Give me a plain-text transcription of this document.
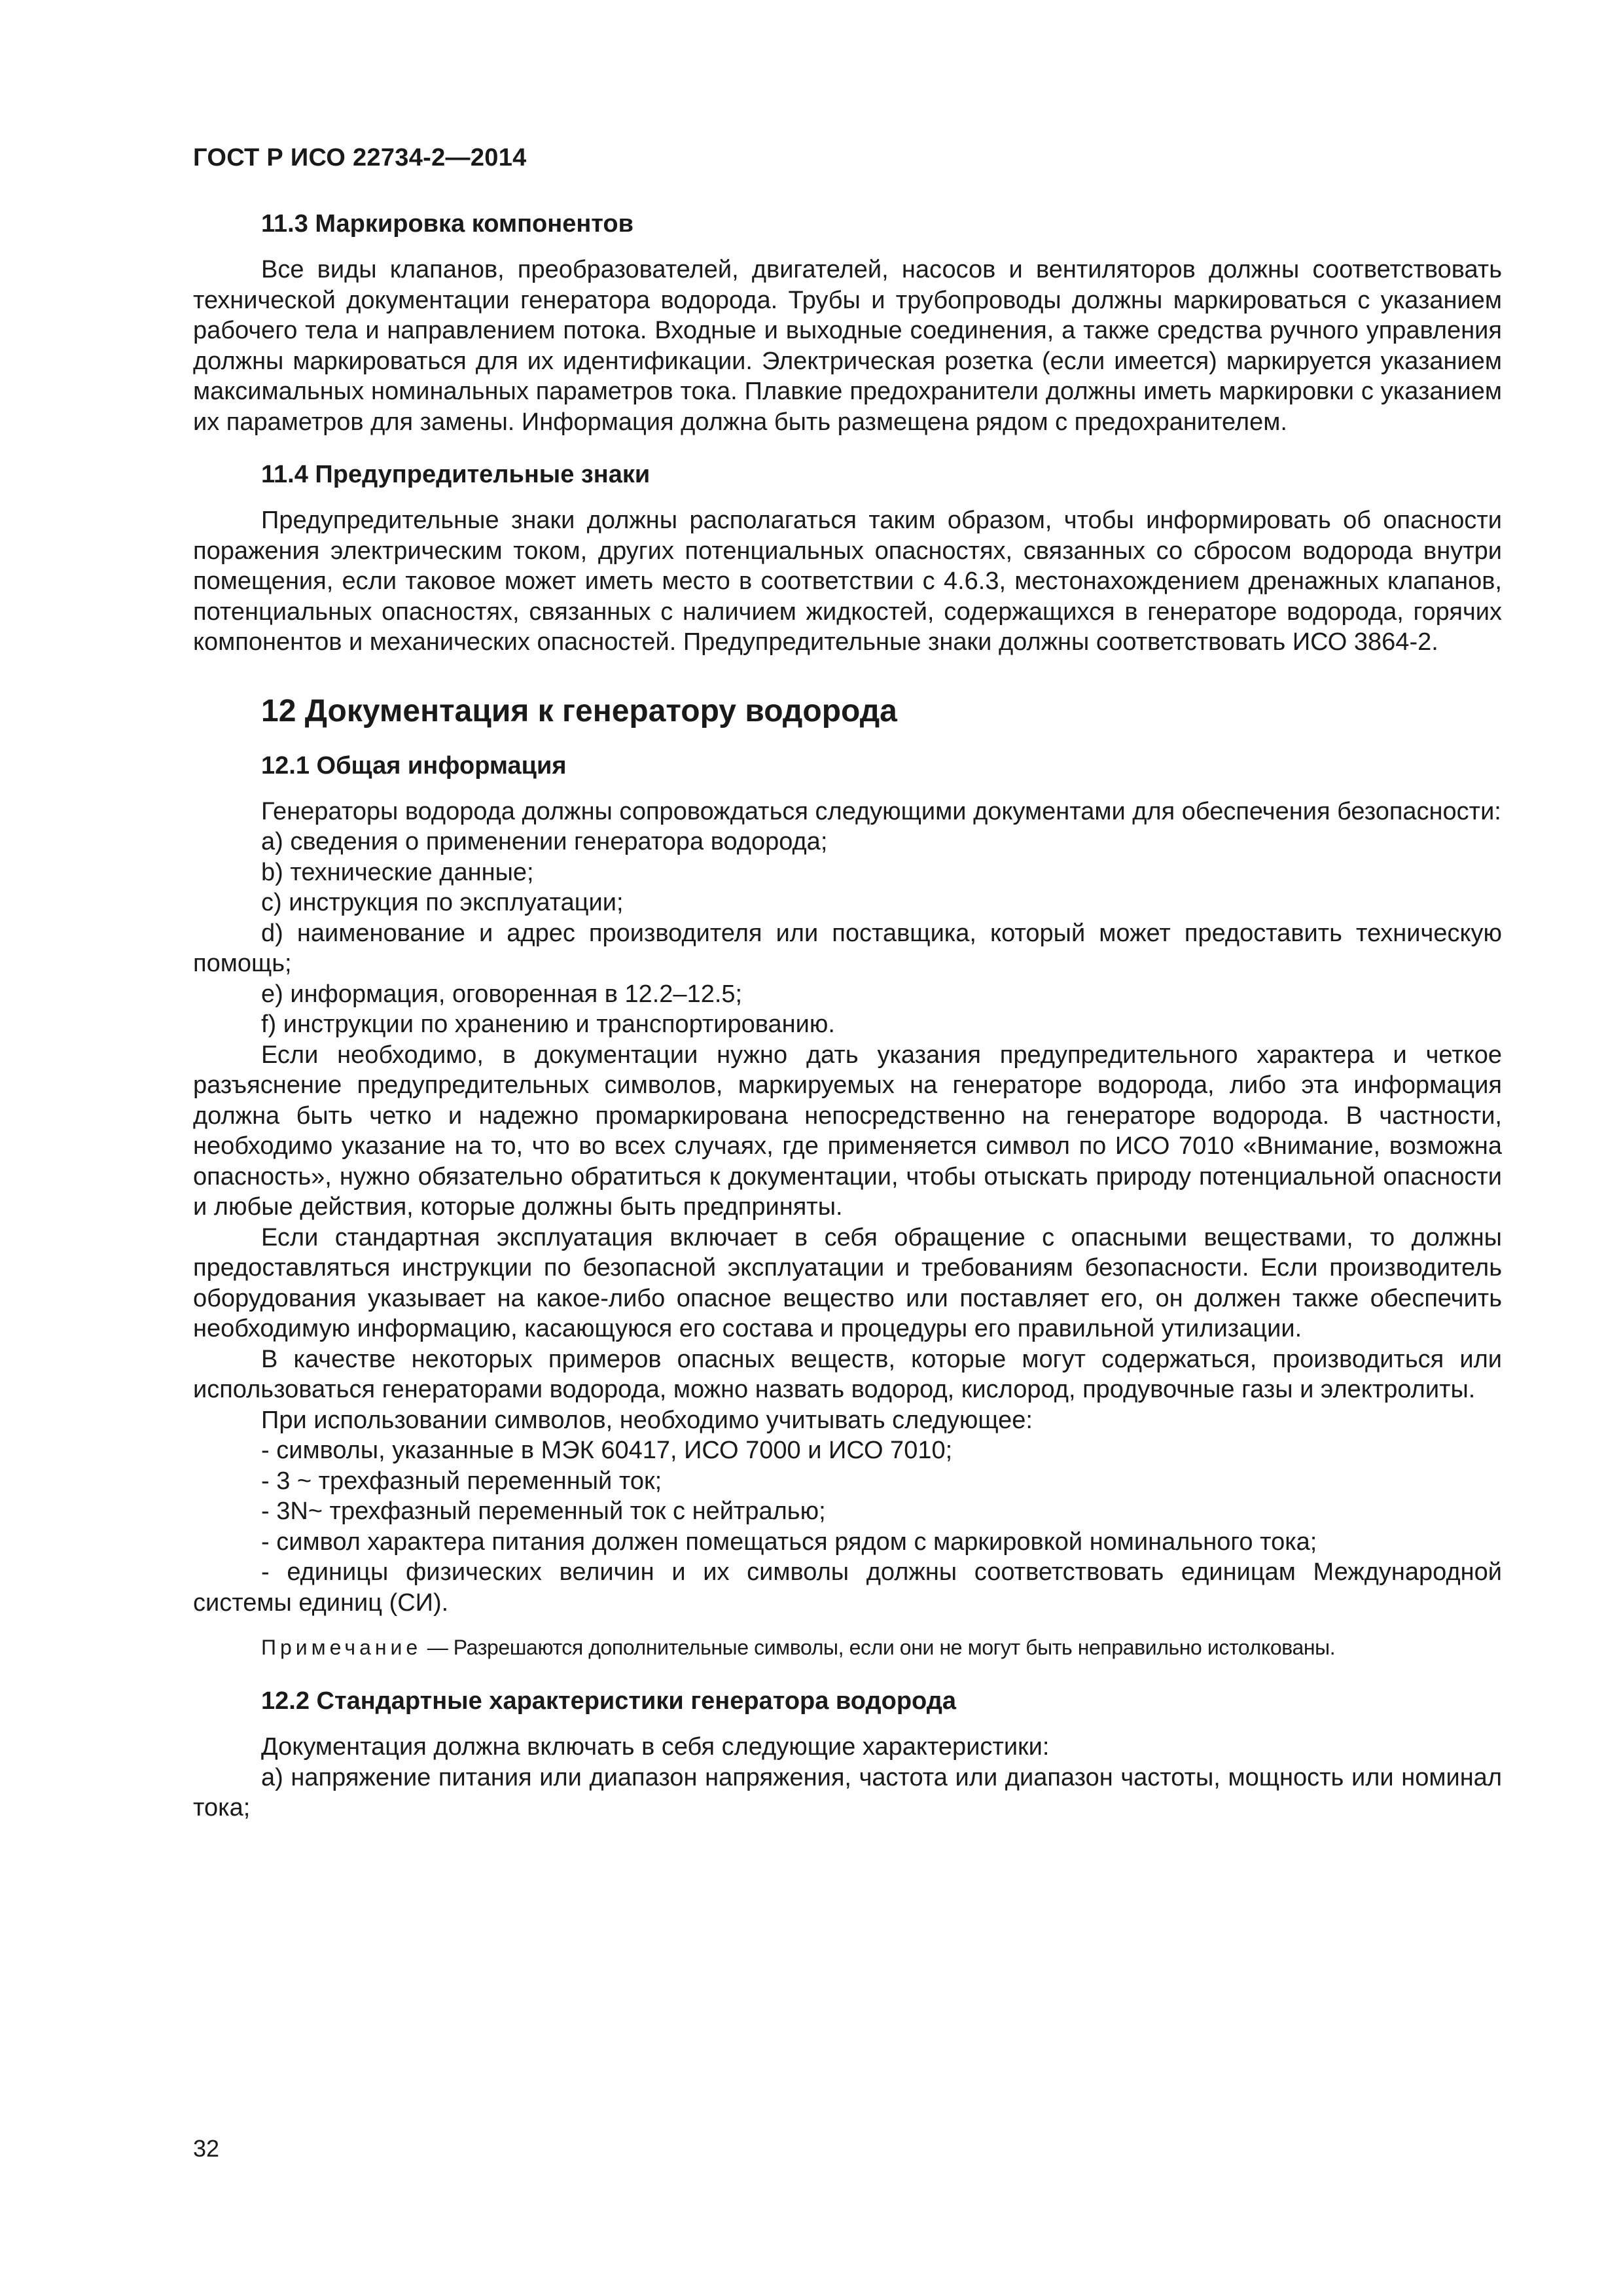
ГОСТ Р ИСО 22734-2—2014
11.3 Маркировка компонентов

Все виды клапанов, преобразователей, двигателей, насосов и вентиляторов должны соответствовать технической документации генератора водорода. Трубы и трубопроводы должны маркироваться с указанием рабочего тела и направлением потока. Входные и выходные соединения, а также средства ручного управления должны маркироваться для их идентификации. Электрическая розетка (если имеется) маркируется указанием максимальных номинальных параметров тока. Плавкие предохранители должны иметь маркировки с указанием их параметров для замены. Информация должна быть размещена рядом с предохранителем.

11.4 Предупредительные знаки

Предупредительные знаки должны располагаться таким образом, чтобы информировать об опасности поражения электрическим током, других потенциальных опасностях, связанных со сбросом водорода внутри помещения, если таковое может иметь место в соответствии с 4.6.3, местонахождением дренажных клапанов, потенциальных опасностях, связанных с наличием жидкостей, содержащихся в генераторе водорода, горячих компонентов и механических опасностей. Предупредительные знаки должны соответствовать ИСО 3864-2.

12 Документация к генератору водорода
12.1 Общая информация

Генераторы водорода должны сопровождаться следующими документами для обеспечения безопасности:

a) сведения о применении генератора водорода;

b) технические данные;

c) инструкция по эксплуатации;

d) наименование и адрес производителя или поставщика, который может предоставить техническую помощь;

e) информация, оговоренная в 12.2–12.5;

f) инструкции по хранению и транспортированию.

Если необходимо, в документации нужно дать указания предупредительного характера и четкое разъяснение предупредительных символов, маркируемых на генераторе водорода, либо эта информация должна быть четко и надежно промаркирована непосредственно на генераторе водорода. В частности, необходимо указание на то, что во всех случаях, где применяется символ по ИСО 7010 «Внимание, возможна опасность», нужно обязательно обратиться к документации, чтобы отыскать природу потенциальной опасности и любые действия, которые должны быть предприняты.

Если стандартная эксплуатация включает в себя обращение с опасными веществами, то должны предоставляться инструкции по безопасной эксплуатации и требованиям безопасности. Если производитель оборудования указывает на какое-либо опасное вещество или поставляет его, он должен также обеспечить необходимую информацию, касающуюся его состава и процедуры его правильной утилизации.

В качестве некоторых примеров опасных веществ, которые могут содержаться, производиться или использоваться генераторами водорода, можно назвать водород, кислород, продувочные газы и электролиты.

При использовании символов, необходимо учитывать следующее:

- символы, указанные в МЭК 60417, ИСО 7000 и ИСО 7010;

- 3 ~ трехфазный переменный ток;

- 3N~ трехфазный переменный ток с нейтралью;

- символ характера питания должен помещаться рядом с маркировкой номинального тока;

- единицы физических величин и их символы должны соответствовать единицам Международной системы единиц (СИ).

Примечание — Разрешаются дополнительные символы, если они не могут быть неправильно истолкованы.

12.2 Стандартные характеристики генератора водорода

Документация должна включать в себя следующие характеристики:

a) напряжение питания или диапазон напряжения, частота или диапазон частоты, мощность или номинал тока;

32
